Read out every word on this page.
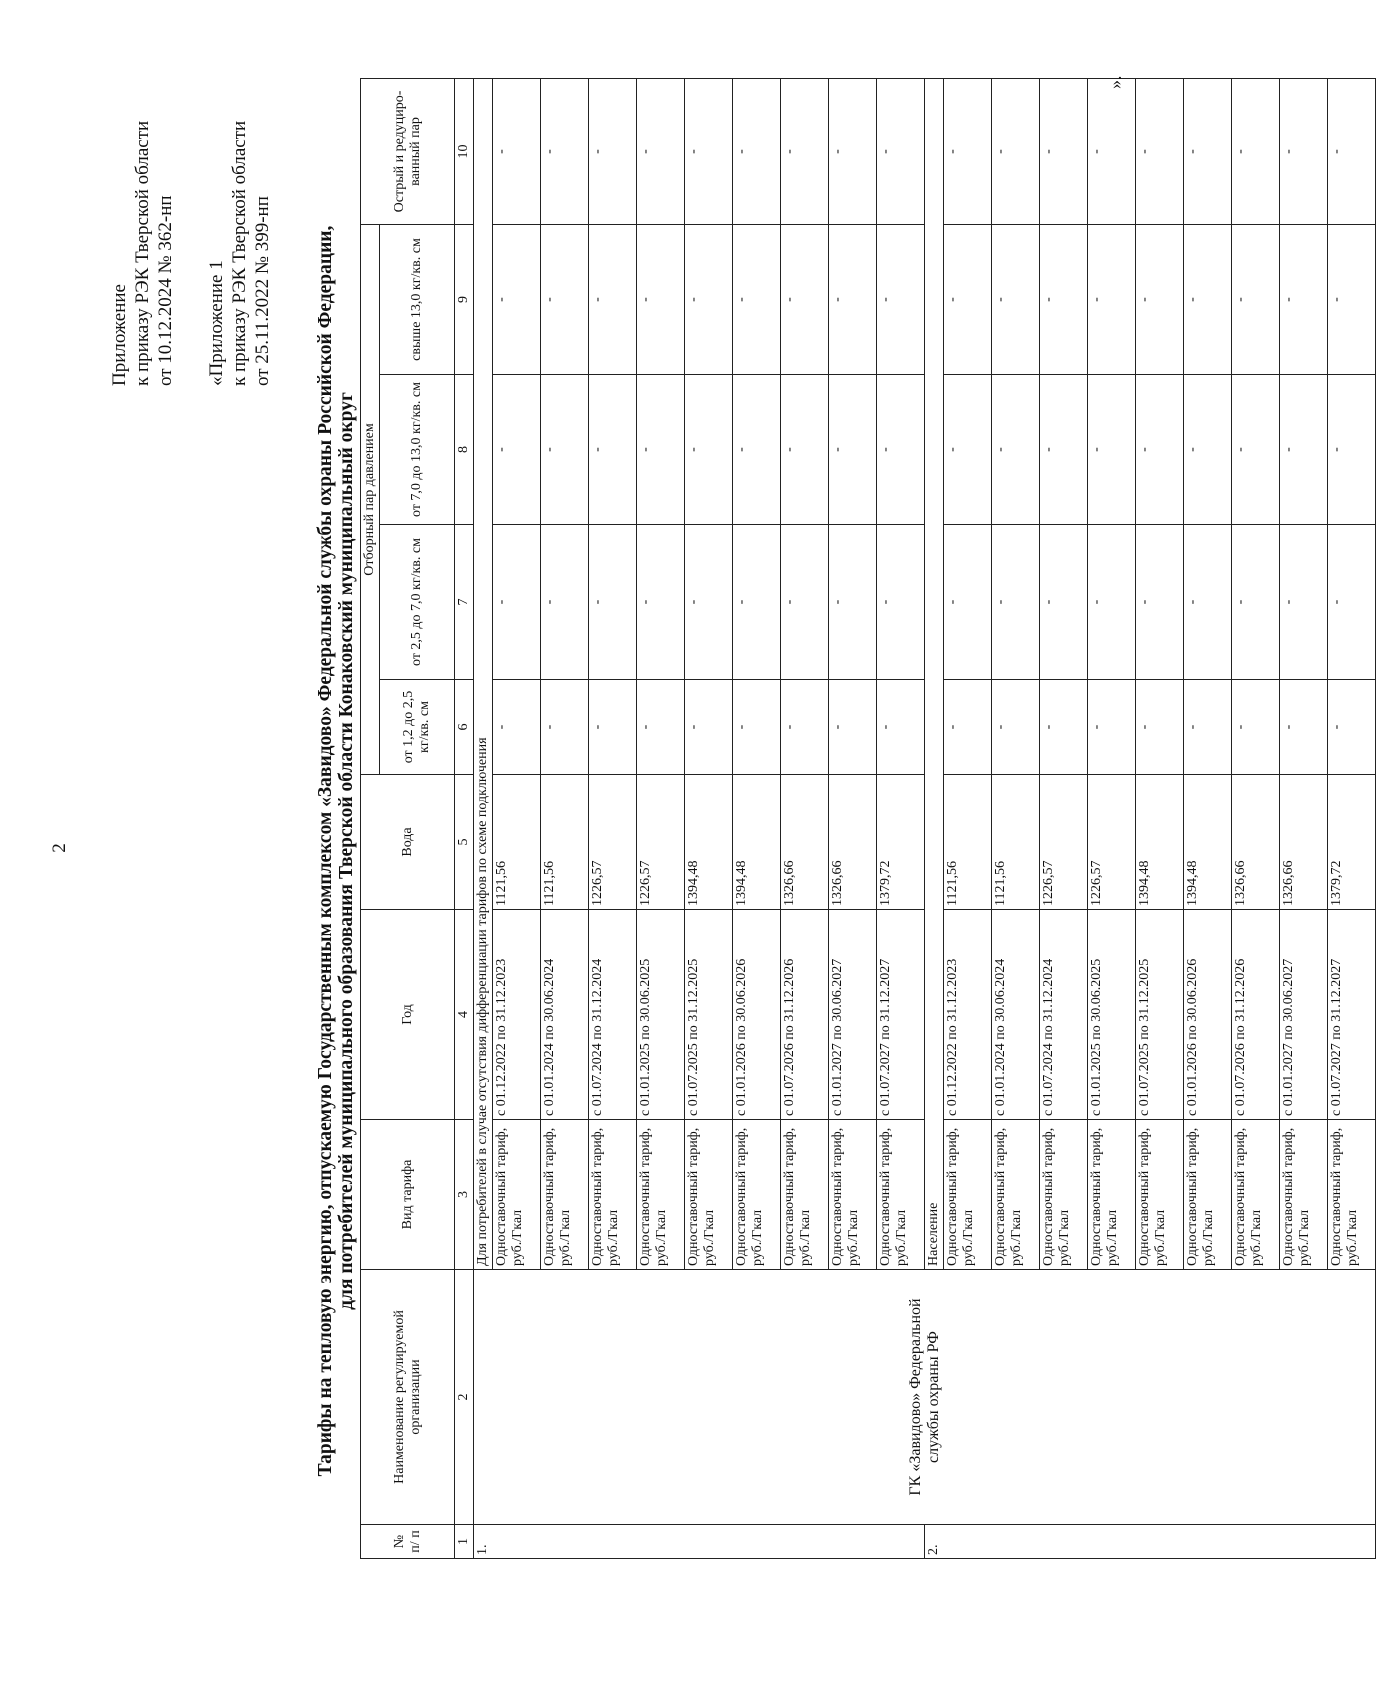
2
Приложение к приказу РЭК Тверской области от 10.12.2024 № 362-нп «Приложение 1 к приказу РЭК Тверской области от 25.11.2022 № 399-нп Тарифы на тепловую энергию, отпускаемую Государственным комплексом «Завидово» Федеральной службы охраны Российской Федерации, для потребителей муниципального образования Тверской области Конаковский муниципальный округ
№ п/ п	Наименование регулируемой организации	Вид тарифа	Год	Вода	Отборный пар давлением				Острый и редуциро-ванный пар
					от 1,2 до 2,5 кг/кв. см	от 2,5 до 7,0 кг/кв. см	от 7,0 до 13,0 кг/кв. см	свыше 13,0 кг/кв. см	
1	2	3	4	5	6	7	8	9	10
1.	ГК «Завидово» Федеральной службы охраны РФ	Для потребителей в случае отсутствия дифференциации тарифов по схеме подключения							
		Одноставочный тариф, руб./Гкал	с 01.12.2022 по 31.12.2023	1121,56	-	-	-	-	-
		Одноставочный тариф, руб./Гкал	с 01.01.2024 по 30.06.2024	1121,56	-	-	-	-	-
		Одноставочный тариф, руб./Гкал	с 01.07.2024 по 31.12.2024	1226,57	-	-	-	-	-
		Одноставочный тариф, руб./Гкал	с 01.01.2025 по 30.06.2025	1226,57	-	-	-	-	-
		Одноставочный тариф, руб./Гкал	с 01.07.2025 по 31.12.2025	1394,48	-	-	-	-	-
		Одноставочный тариф, руб./Гкал	с 01.01.2026 по 30.06.2026	1394,48	-	-	-	-	-
		Одноставочный тариф, руб./Гкал	с 01.07.2026 по 31.12.2026	1326,66	-	-	-	-	-
		Одноставочный тариф, руб./Гкал	с 01.01.2027 по 30.06.2027	1326,66	-	-	-	-	-
		Одноставочный тариф, руб./Гкал	с 01.07.2027 по 31.12.2027	1379,72	-	-	-	-	-
2.		Население							
		Одноставочный тариф, руб./Гкал	с 01.12.2022 по 31.12.2023	1121,56	-	-	-	-	-
		Одноставочный тариф, руб./Гкал	с 01.01.2024 по 30.06.2024	1121,56	-	-	-	-	-
		Одноставочный тариф, руб./Гкал	с 01.07.2024 по 31.12.2024	1226,57	-	-	-	-	-
		Одноставочный тариф, руб./Гкал	с 01.01.2025 по 30.06.2025	1226,57	-	-	-	-	-
		Одноставочный тариф, руб./Гкал	с 01.07.2025 по 31.12.2025	1394,48	-	-	-	-	-
		Одноставочный тариф, руб./Гкал	с 01.01.2026 по 30.06.2026	1394,48	-	-	-	-	-
		Одноставочный тариф, руб./Гкал	с 01.07.2026 по 31.12.2026	1326,66	-	-	-	-	-
		Одноставочный тариф, руб./Гкал	с 01.01.2027 по 30.06.2027	1326,66	-	-	-	-	-
		Одноставочный тариф, руб./Гкал	с 01.07.2027 по 31.12.2027	1379,72	-	-	-	-	-
».
